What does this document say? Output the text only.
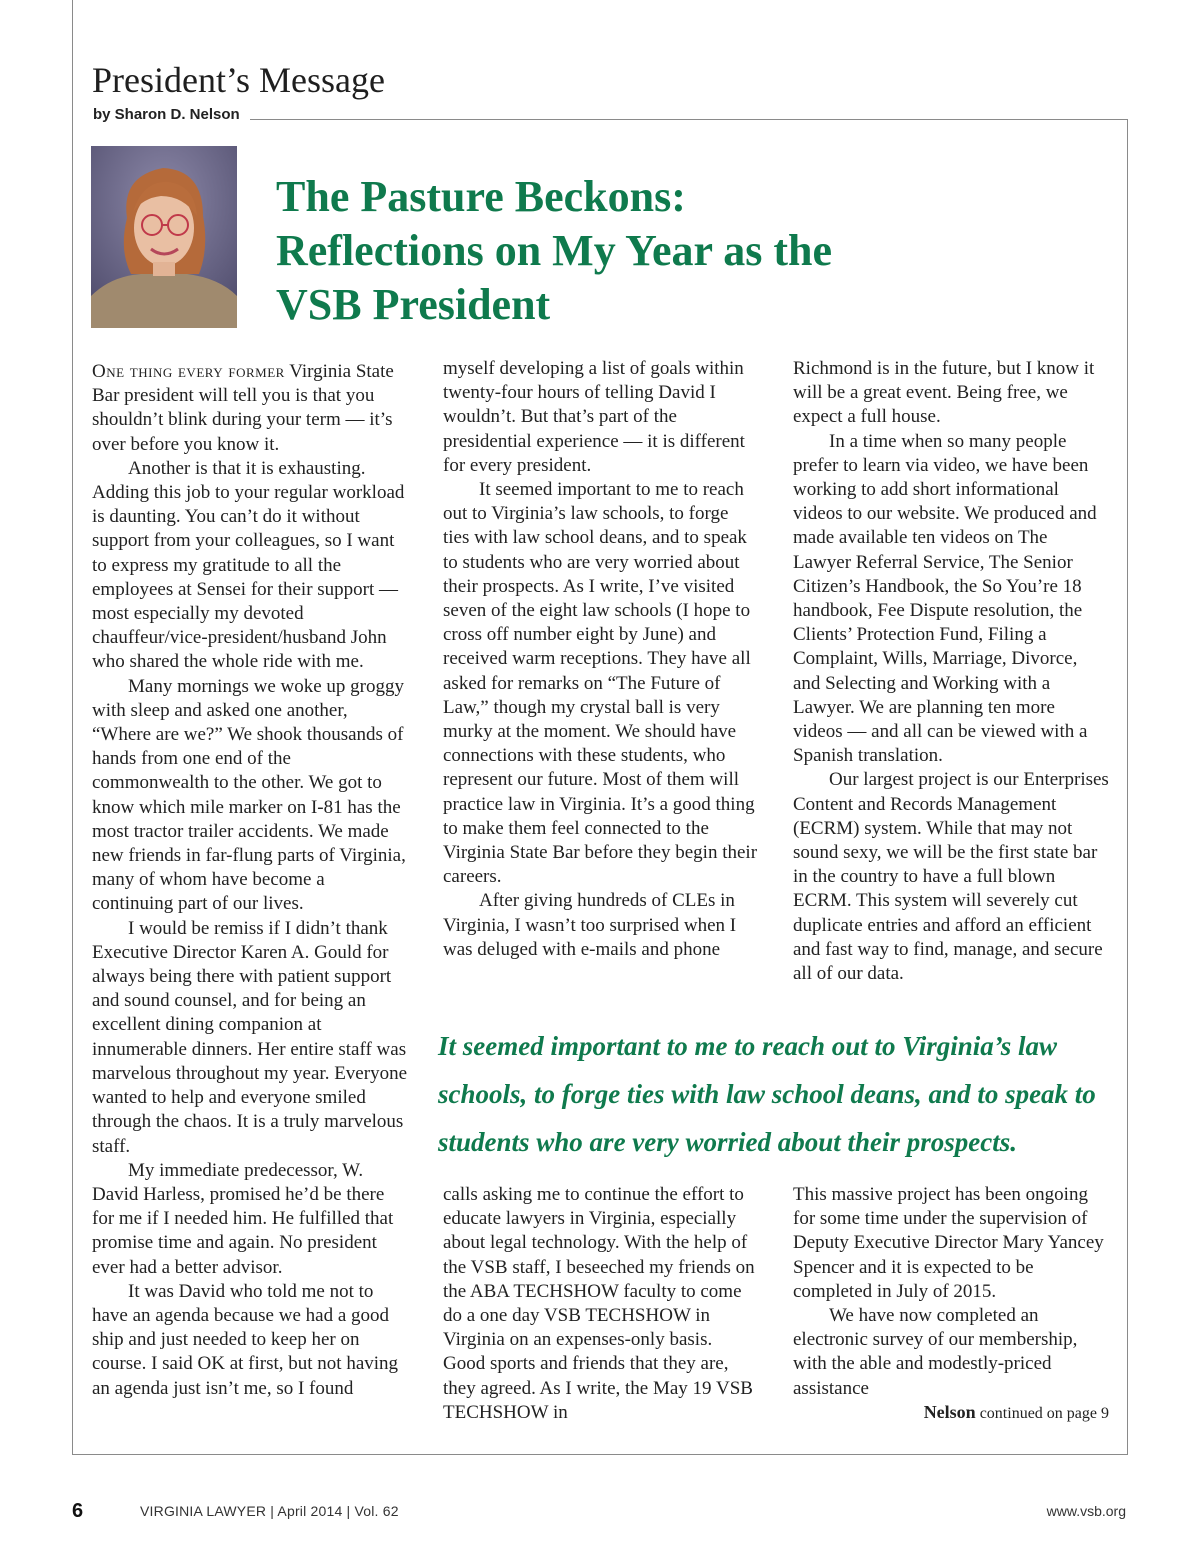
President’s Message
by Sharon D. Nelson
The Pasture Beckons:
Reflections on My Year as the
VSB President

One thing every former Virginia State Bar president will tell you is that you shouldn’t blink during your term — it’s over before you know it.

Another is that it is exhausting. Adding this job to your regular workload is daunting. You can’t do it without support from your colleagues, so I want to express my gratitude to all the employees at Sensei for their support — most especially my devoted chauffeur/vice-president/husband John who shared the whole ride with me.

Many mornings we woke up groggy with sleep and asked one another, “Where are we?” We shook thousands of hands from one end of the commonwealth to the other. We got to know which mile marker on I-81 has the most tractor trailer accidents. We made new friends in far-flung parts of Virginia, many of whom have become a continuing part of our lives.

I would be remiss if I didn’t thank Executive Director Karen A. Gould for always being there with patient support and sound counsel, and for being an excellent dining companion at innumerable dinners. Her entire staff was marvelous throughout my year. Everyone wanted to help and everyone smiled through the chaos. It is a truly marvelous staff.

My immediate predecessor, W. David Harless, promised he’d be there for me if I needed him. He fulfilled that promise time and again. No president ever had a better advisor.

It was David who told me not to have an agenda because we had a good ship and just needed to keep her on course. I said OK at first, but not having an agenda just isn’t me, so I found

myself developing a list of goals within twenty-four hours of telling David I wouldn’t. But that’s part of the presidential experience — it is different for every president.

It seemed important to me to reach out to Virginia’s law schools, to forge ties with law school deans, and to speak to students who are very worried about their prospects. As I write, I’ve visited seven of the eight law schools (I hope to cross off number eight by June) and received warm receptions. They have all asked for remarks on “The Future of Law,” though my crystal ball is very murky at the moment. We should have connections with these students, who represent our future. Most of them will practice law in Virginia. It’s a good thing to make them feel connected to the Virginia State Bar before they begin their careers.

After giving hundreds of CLEs in Virginia, I wasn’t too surprised when I was deluged with e-mails and phone

Richmond is in the future, but I know it will be a great event. Being free, we expect a full house.

In a time when so many people prefer to learn via video, we have been working to add short informational videos to our website. We produced and made available ten videos on The Lawyer Referral Service, The Senior Citizen’s Handbook, the So You’re 18 handbook, Fee Dispute resolution, the Clients’ Protection Fund, Filing a Complaint, Wills, Marriage, Divorce, and Selecting and Working with a Lawyer. We are planning ten more videos — and all can be viewed with a Spanish translation.

Our largest project is our Enterprises Content and Records Management (ECRM) system. While that may not sound sexy, we will be the first state bar in the country to have a full blown ECRM. This system will severely cut duplicate entries and afford an efficient and fast way to find, manage, and secure all of our data.

It seemed important to me to reach out to Virginia’s law schools, to forge ties with law school deans, and to speak to students who are very worried about their prospects.

calls asking me to continue the effort to educate lawyers in Virginia, especially about legal technology. With the help of the VSB staff, I beseeched my friends on the ABA TECHSHOW faculty to come do a one day VSB TECHSHOW in Virginia on an expenses-only basis. Good sports and friends that they are, they agreed. As I write, the May 19 VSB TECHSHOW in

This massive project has been ongoing for some time under the supervision of Deputy Executive Director Mary Yancey Spencer and it is expected to be completed in July of 2015.

We have now completed an electronic survey of our membership, with the able and modestly-priced assistance

Nelson continued on page 9
6	VIRGINIA LAWYER | April 2014 | Vol. 62	www.vsb.org
